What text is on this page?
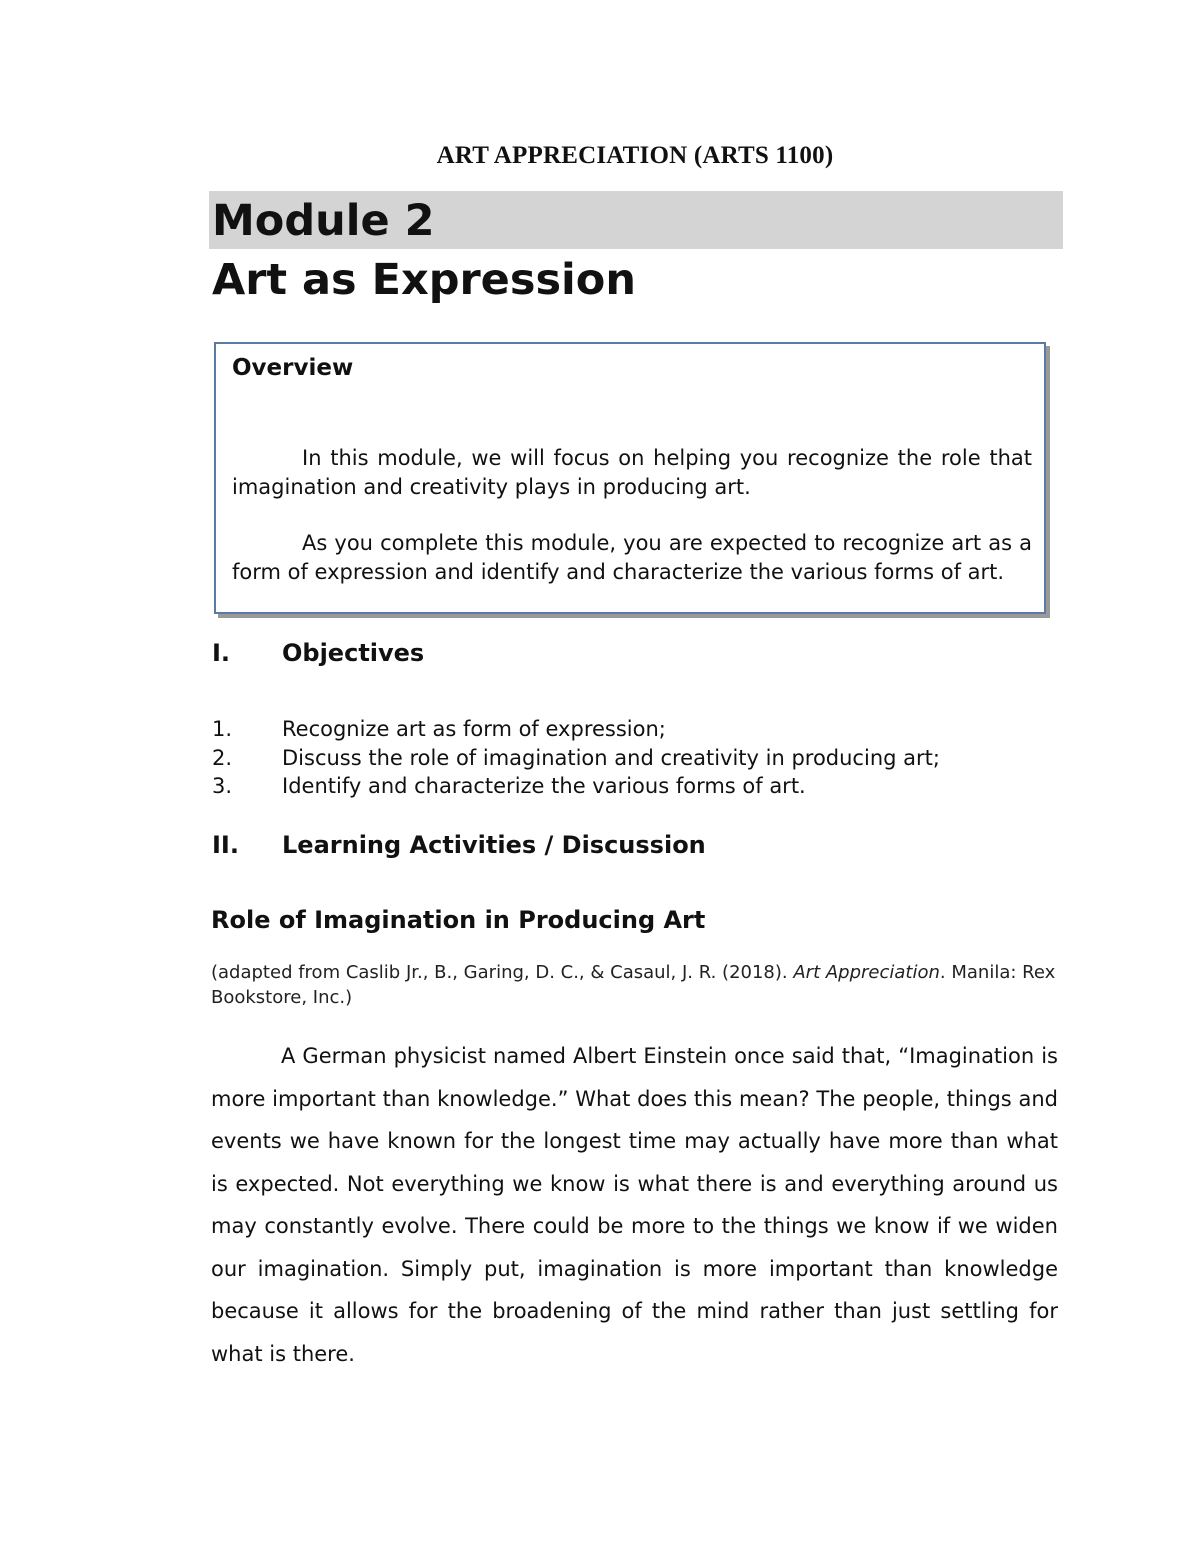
ART APPRECIATION (ARTS 1100)
Module 2
Art as Expression
Overview

In this module, we will focus on helping you recognize the role that imagination and creativity plays in producing art.

As you complete this module, you are expected to recognize art as a form of expression and identify and characterize the various forms of art.

I. Objectives
1. Recognize art as form of expression;
2. Discuss the role of imagination and creativity in producing art;
3. Identify and characterize the various forms of art.
II. Learning Activities / Discussion
Role of Imagination in Producing Art
(adapted from Caslib Jr., B., Garing, D. C., & Casaul, J. R. (2018). Art Appreciation. Manila: Rex Bookstore, Inc.)

A German physicist named Albert Einstein once said that, “Imagination is more important than knowledge.” What does this mean? The people, things and events we have known for the longest time may actually have more than what is expected. Not everything we know is what there is and everything around us may constantly evolve. There could be more to the things we know if we widen our imagination. Simply put, imagination is more important than knowledge because it allows for the broadening of the mind rather than just settling for what is there.
